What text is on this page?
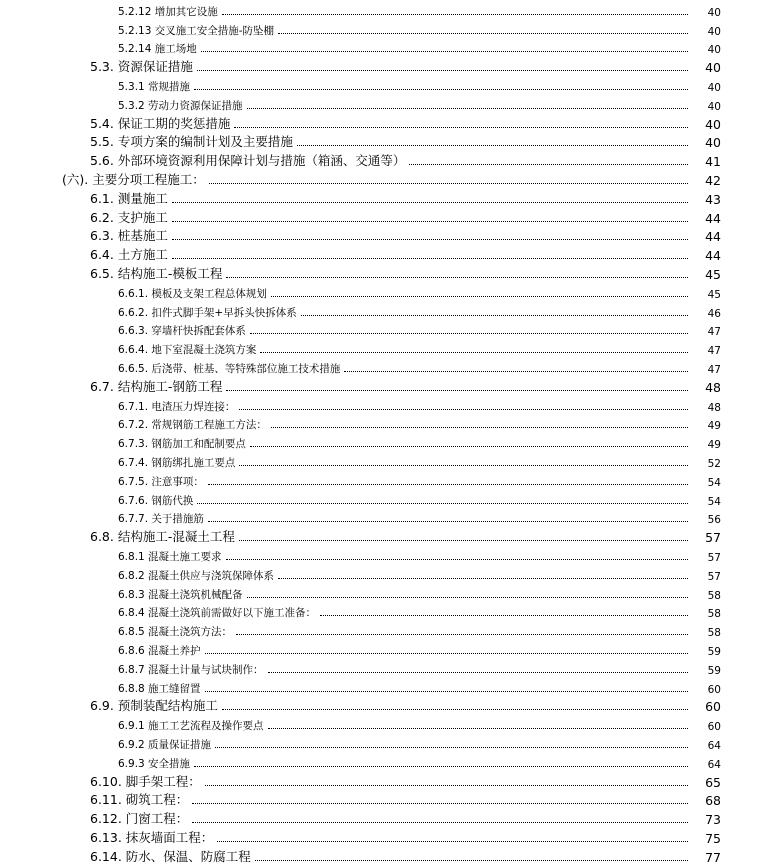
5.2.12 增加其它设施	40
5.2.13 交叉施工安全措施-防坠棚	40
5.2.14 施工场地	40
5.3. 资源保证措施	40
5.3.1 常规措施	40
5.3.2 劳动力资源保证措施	40
5.4. 保证工期的奖惩措施	40
5.5. 专项方案的编制计划及主要措施	40
5.6. 外部环境资源利用保障计划与措施（箱涵、交通等）	41
(六). 主要分项工程施工：	42
6.1. 测量施工	43
6.2. 支护施工	44
6.3. 桩基施工	44
6.4. 土方施工	44
6.5. 结构施工-模板工程	45
6.6.1. 模板及支架工程总体规划	45
6.6.2. 扣件式脚手架+早拆头快拆体系	46
6.6.3. 穿墙杆快拆配套体系	47
6.6.4. 地下室混凝土浇筑方案	47
6.6.5. 后浇带、桩基、等特殊部位施工技术措施	47
6.7. 结构施工-钢筋工程	48
6.7.1. 电渣压力焊连接：	48
6.7.2. 常规钢筋工程施工方法：	49
6.7.3. 钢筋加工和配制要点	49
6.7.4. 钢筋绑扎施工要点	52
6.7.5. 注意事项：	54
6.7.6. 钢筋代换	54
6.7.7. 关于措施筋	56
6.8. 结构施工-混凝土工程	57
6.8.1 混凝土施工要求	57
6.8.2 混凝土供应与浇筑保障体系	57
6.8.3 混凝土浇筑机械配备	58
6.8.4 混凝土浇筑前需做好以下施工准备：	58
6.8.5 混凝土浇筑方法：	58
6.8.6 混凝土养护	59
6.8.7 混凝土计量与试块制作：	59
6.8.8 施工缝留置	60
6.9. 预制装配结构施工	60
6.9.1 施工工艺流程及操作要点	60
6.9.2 质量保证措施	64
6.9.3 安全措施	64
6.10. 脚手架工程：	65
6.11. 砌筑工程：	68
6.12. 门窗工程：	73
6.13. 抹灰墙面工程：	75
6.14. 防水、保温、防腐工程	77
